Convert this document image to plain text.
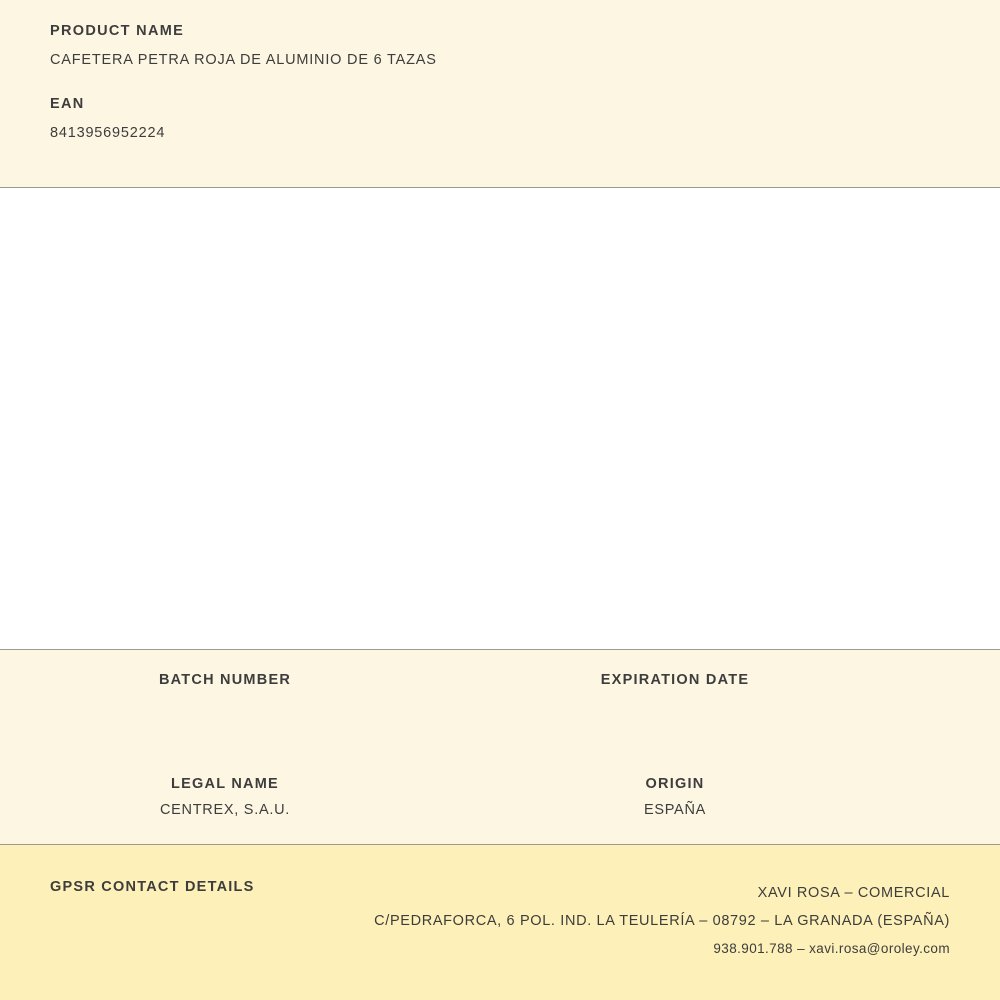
PRODUCT NAME
CAFETERA PETRA ROJA DE ALUMINIO DE 6 TAZAS
EAN
8413956952224
BATCH NUMBER	EXPIRATION DATE
LEGAL NAME
CENTREX, S.A.U.
ORIGIN
ESPAÑA
GPSR CONTACT DETAILS	XAVI ROSA – COMERCIAL
C/PEDRAFORCA, 6 POL. IND. LA TEULERÍA – 08792 – LA GRANADA (ESPAÑA)
938.901.788 – xavi.rosa@oroley.com
